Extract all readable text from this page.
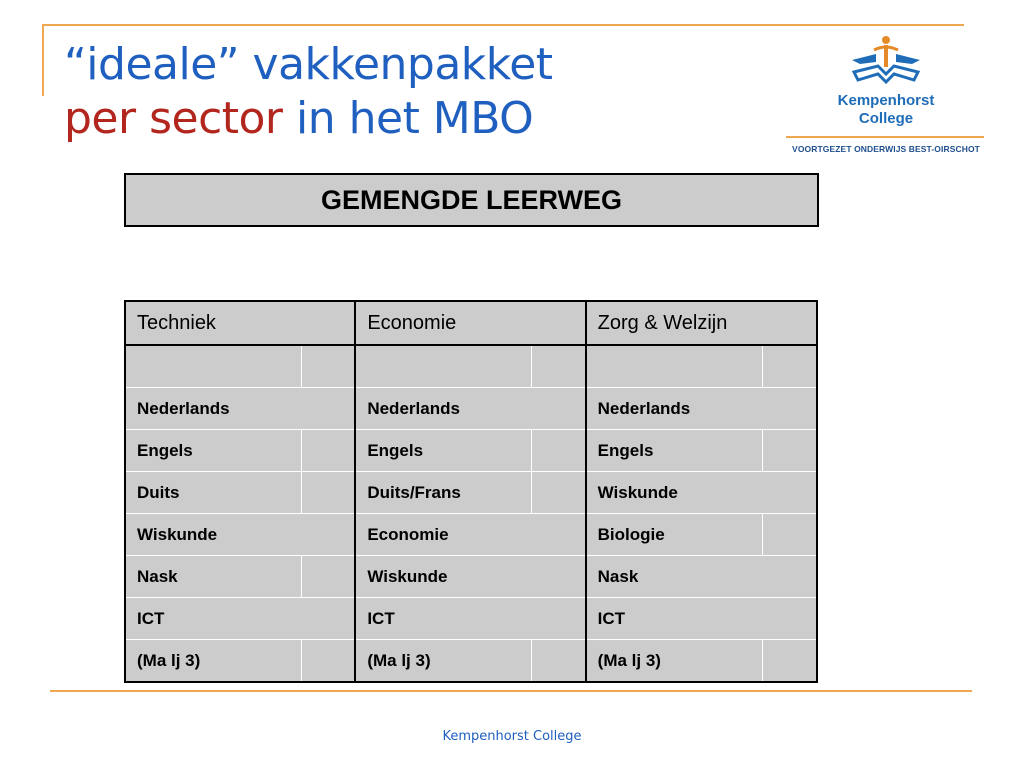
“ideale” vakkenpakket
per sector in het MBO	Kempenhorst
College
VOORTGEZET ONDERWIJS BEST-OIRSCHOT
GEMENGDE LEERWEG
Techniek		Economie		Zorg & Welzijn	

Nederlands		Nederlands		Nederlands	
Engels		Engels		Engels	
Duits		Duits/Frans		Wiskunde	
Wiskunde		Economie		Biologie	
Nask		Wiskunde		Nask	
ICT		ICT		ICT	
(Ma lj 3)		(Ma lj 3)		(Ma lj 3)	
Kempenhorst College
